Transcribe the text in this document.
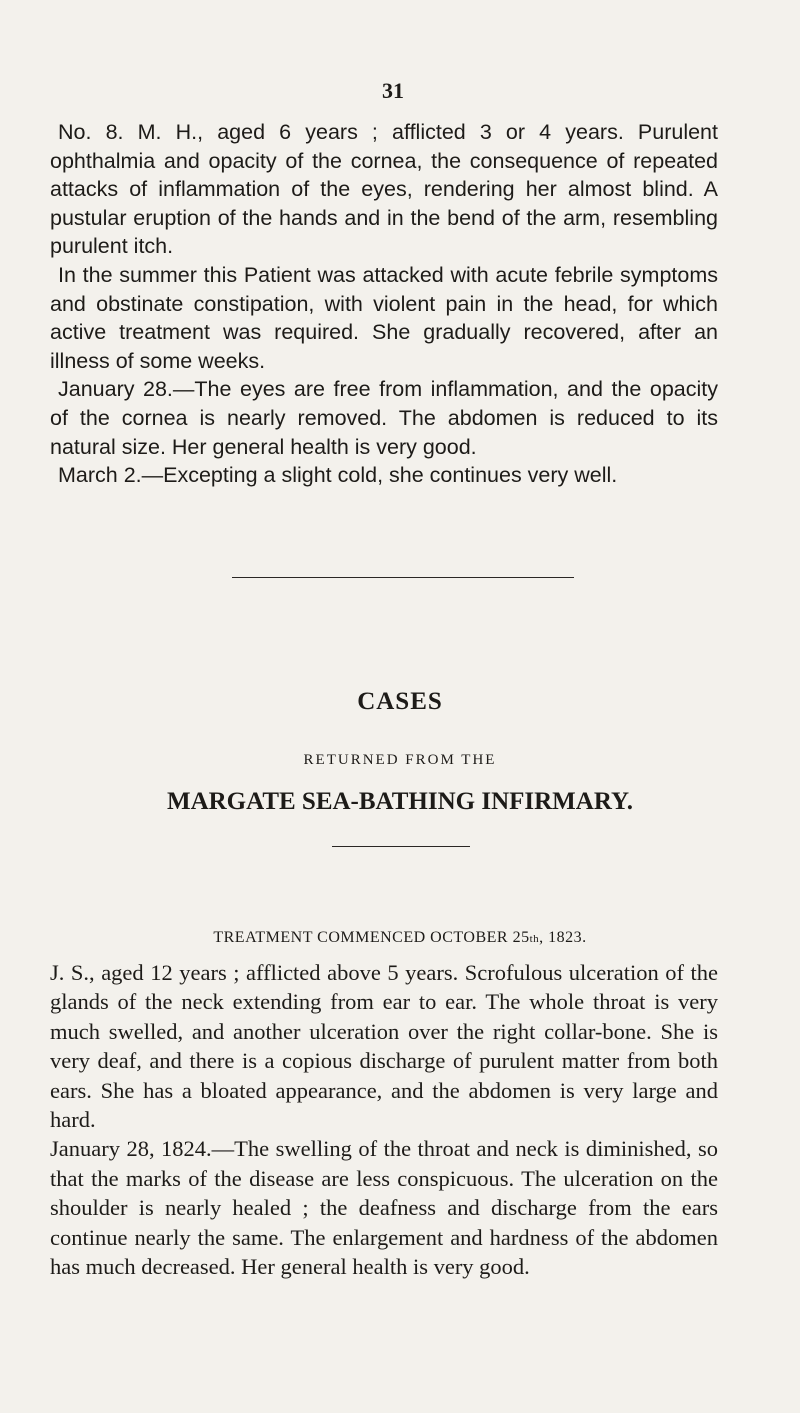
31

No. 8. M. H., aged 6 years ; afflicted 3 or 4 years. Purulent ophthalmia and opacity of the cornea, the consequence of repeated attacks of inflammation of the eyes, rendering her almost blind. A pustular eruption of the hands and in the bend of the arm, resembling purulent itch.

In the summer this Patient was attacked with acute febrile symptoms and obstinate constipation, with violent pain in the head, for which active treatment was required. She gradually recovered, after an illness of some weeks.

January 28.—The eyes are free from inflammation, and the opacity of the cornea is nearly removed. The abdomen is reduced to its natural size. Her general health is very good.

March 2.—Excepting a slight cold, she continues very well.

CASES
RETURNED FROM THE
MARGATE SEA-BATHING INFIRMARY.
TREATMENT COMMENCED OCTOBER 25th, 1823.

J. S., aged 12 years ; afflicted above 5 years. Scrofulous ulceration of the glands of the neck extending from ear to ear. The whole throat is very much swelled, and another ulceration over the right collar-bone. She is very deaf, and there is a copious discharge of purulent matter from both ears. She has a bloated appearance, and the abdomen is very large and hard.

January 28, 1824.—The swelling of the throat and neck is diminished, so that the marks of the disease are less conspicuous. The ulceration on the shoulder is nearly healed ; the deafness and discharge from the ears continue nearly the same. The enlargement and hardness of the abdomen has much decreased. Her general health is very good.
